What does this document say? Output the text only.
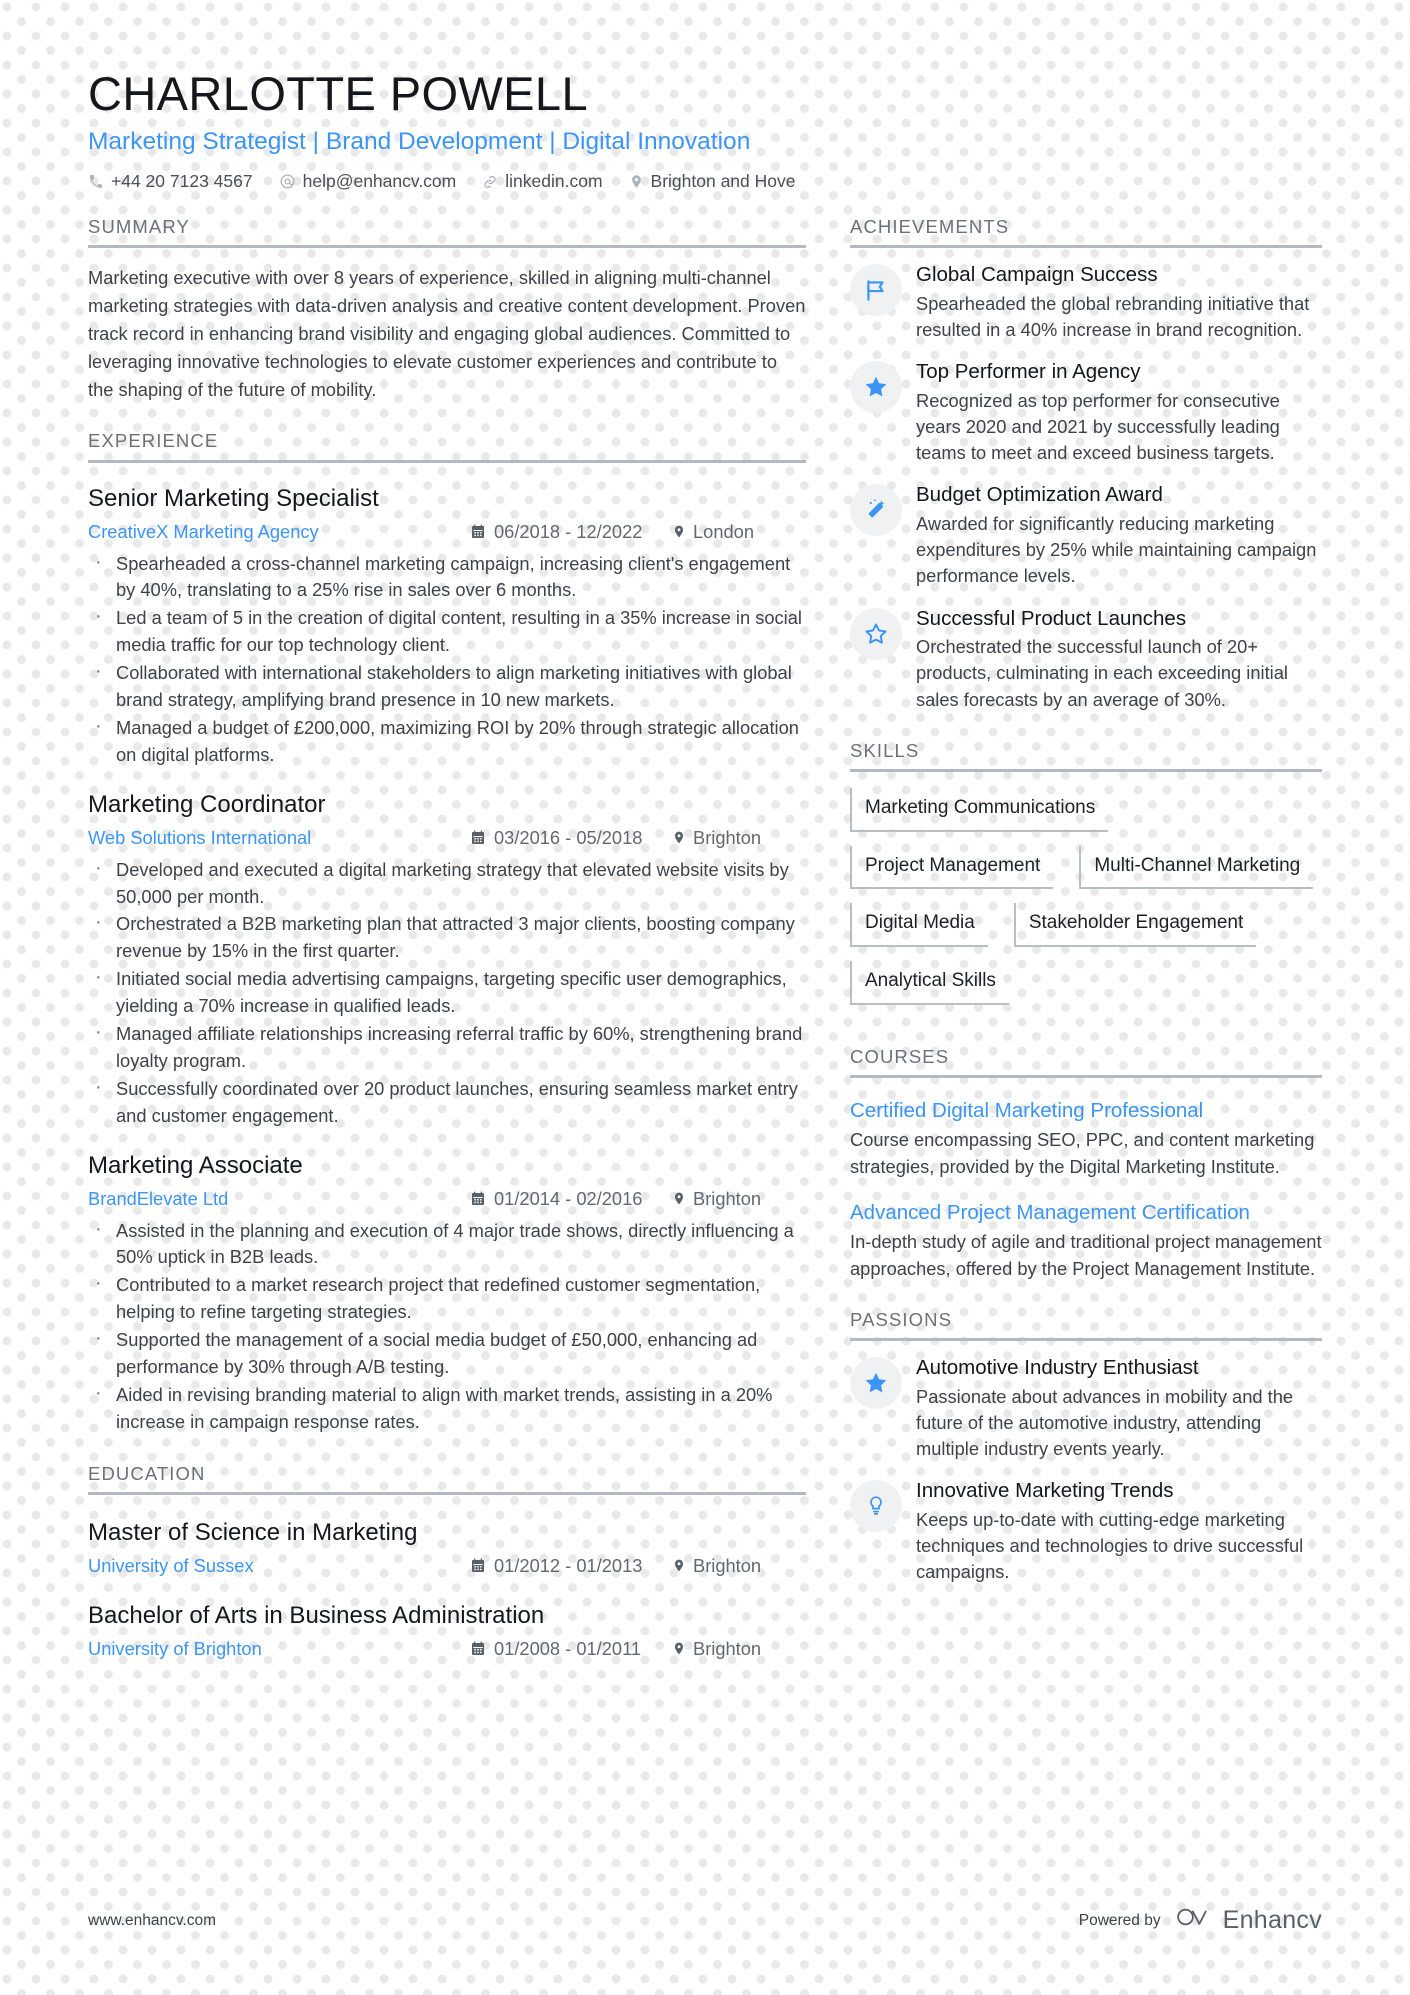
CHARLOTTE POWELL
Marketing Strategist | Brand Development | Digital Innovation
+44 20 7123 4567	help@enhancv.com	linkedin.com	Brighton and Hove
SUMMARY
Marketing executive with over 8 years of experience, skilled in aligning multi-channel marketing strategies with data-driven analysis and creative content development. Proven track record in enhancing brand visibility and engaging global audiences. Committed to leveraging innovative technologies to elevate customer experiences and contribute to the shaping of the future of mobility.
EXPERIENCE
Senior Marketing Specialist
CreativeX Marketing Agency	06/2018 - 12/2022	London
· Spearheaded a cross-channel marketing campaign, increasing client's engagement by 40%, translating to a 25% rise in sales over 6 months.
· Led a team of 5 in the creation of digital content, resulting in a 35% increase in social media traffic for our top technology client.
· Collaborated with international stakeholders to align marketing initiatives with global brand strategy, amplifying brand presence in 10 new markets.
· Managed a budget of £200,000, maximizing ROI by 20% through strategic allocation on digital platforms.
Marketing Coordinator
Web Solutions International	03/2016 - 05/2018	Brighton
· Developed and executed a digital marketing strategy that elevated website visits by 50,000 per month.
· Orchestrated a B2B marketing plan that attracted 3 major clients, boosting company revenue by 15% in the first quarter.
· Initiated social media advertising campaigns, targeting specific user demographics, yielding a 70% increase in qualified leads.
· Managed affiliate relationships increasing referral traffic by 60%, strengthening brand loyalty program.
· Successfully coordinated over 20 product launches, ensuring seamless market entry and customer engagement.
Marketing Associate
BrandElevate Ltd	01/2014 - 02/2016	Brighton
· Assisted in the planning and execution of 4 major trade shows, directly influencing a 50% uptick in B2B leads.
· Contributed to a market research project that redefined customer segmentation, helping to refine targeting strategies.
· Supported the management of a social media budget of £50,000, enhancing ad performance by 30% through A/B testing.
· Aided in revising branding material to align with market trends, assisting in a 20% increase in campaign response rates.
EDUCATION
Master of Science in Marketing
University of Sussex	01/2012 - 01/2013	Brighton
Bachelor of Arts in Business Administration
University of Brighton	01/2008 - 01/2011	Brighton
ACHIEVEMENTS
Global Campaign Success
Spearheaded the global rebranding initiative that resulted in a 40% increase in brand recognition.
Top Performer in Agency
Recognized as top performer for consecutive years 2020 and 2021 by successfully leading teams to meet and exceed business targets.
Budget Optimization Award
Awarded for significantly reducing marketing expenditures by 25% while maintaining campaign performance levels.
Successful Product Launches
Orchestrated the successful launch of 20+ products, culminating in each exceeding initial sales forecasts by an average of 30%.
SKILLS
Marketing Communications
Project Management	Multi-Channel Marketing
Digital Media	Stakeholder Engagement
Analytical Skills
COURSES
Certified Digital Marketing Professional
Course encompassing SEO, PPC, and content marketing strategies, provided by the Digital Marketing Institute.
Advanced Project Management Certification
In-depth study of agile and traditional project management approaches, offered by the Project Management Institute.
PASSIONS
Automotive Industry Enthusiast
Passionate about advances in mobility and the future of the automotive industry, attending multiple industry events yearly.
Innovative Marketing Trends
Keeps up-to-date with cutting-edge marketing techniques and technologies to drive successful campaigns.
www.enhancv.com	Powered by Enhancv
